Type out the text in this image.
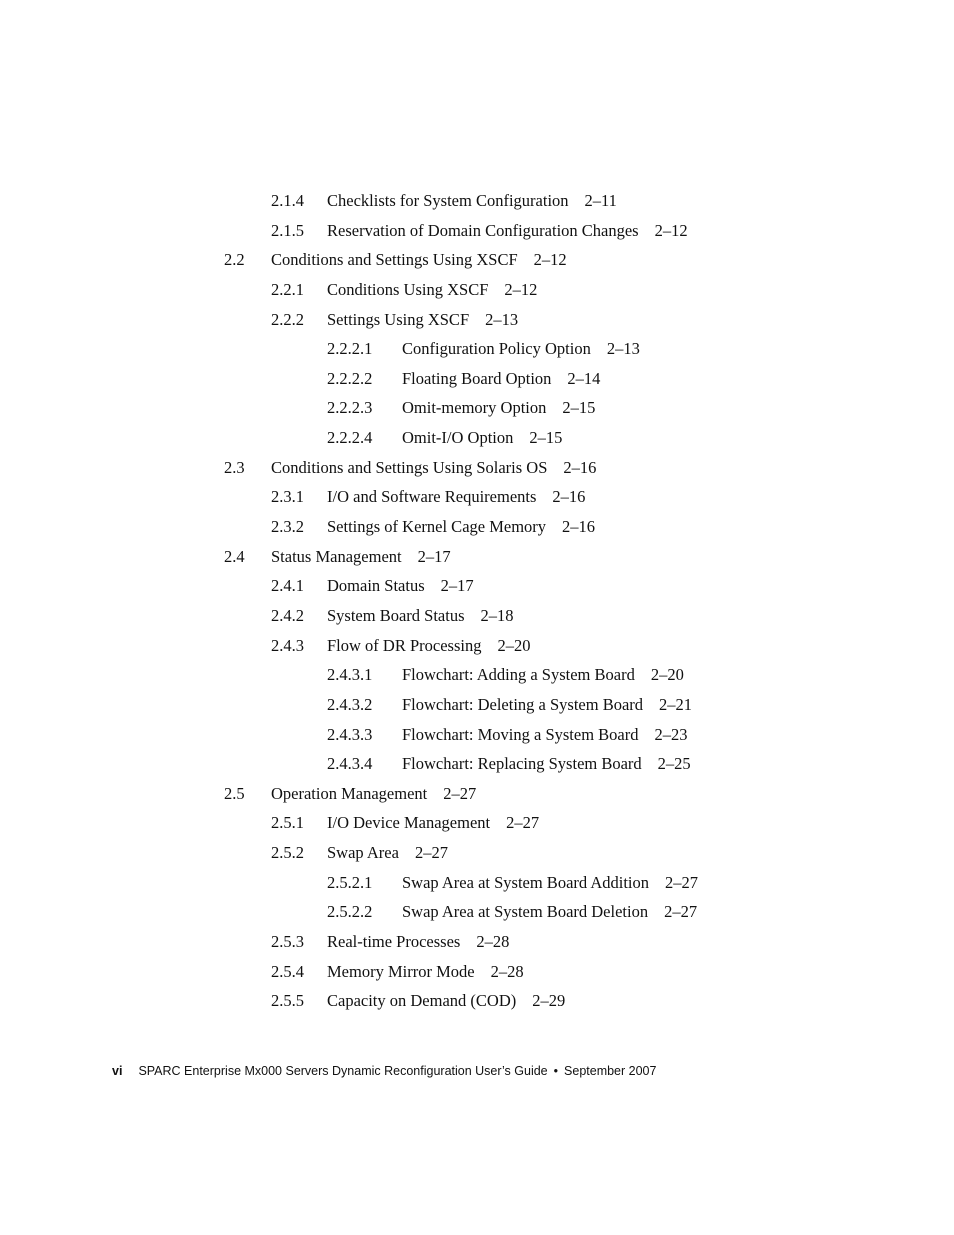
2.1.4 Checklists for System Configuration 2–11
2.1.5 Reservation of Domain Configuration Changes 2–12
2.2 Conditions and Settings Using XSCF 2–12
2.2.1 Conditions Using XSCF 2–12
2.2.2 Settings Using XSCF 2–13
2.2.2.1 Configuration Policy Option 2–13
2.2.2.2 Floating Board Option 2–14
2.2.2.3 Omit-memory Option 2–15
2.2.2.4 Omit-I/O Option 2–15
2.3 Conditions and Settings Using Solaris OS 2–16
2.3.1 I/O and Software Requirements 2–16
2.3.2 Settings of Kernel Cage Memory 2–16
2.4 Status Management 2–17
2.4.1 Domain Status 2–17
2.4.2 System Board Status 2–18
2.4.3 Flow of DR Processing 2–20
2.4.3.1 Flowchart: Adding a System Board 2–20
2.4.3.2 Flowchart: Deleting a System Board 2–21
2.4.3.3 Flowchart: Moving a System Board 2–23
2.4.3.4 Flowchart: Replacing System Board 2–25
2.5 Operation Management 2–27
2.5.1 I/O Device Management 2–27
2.5.2 Swap Area 2–27
2.5.2.1 Swap Area at System Board Addition 2–27
2.5.2.2 Swap Area at System Board Deletion 2–27
2.5.3 Real-time Processes 2–28
2.5.4 Memory Mirror Mode 2–28
2.5.5 Capacity on Demand (COD) 2–29
vi SPARC Enterprise Mx000 Servers Dynamic Reconfiguration User’s Guide • September 2007
